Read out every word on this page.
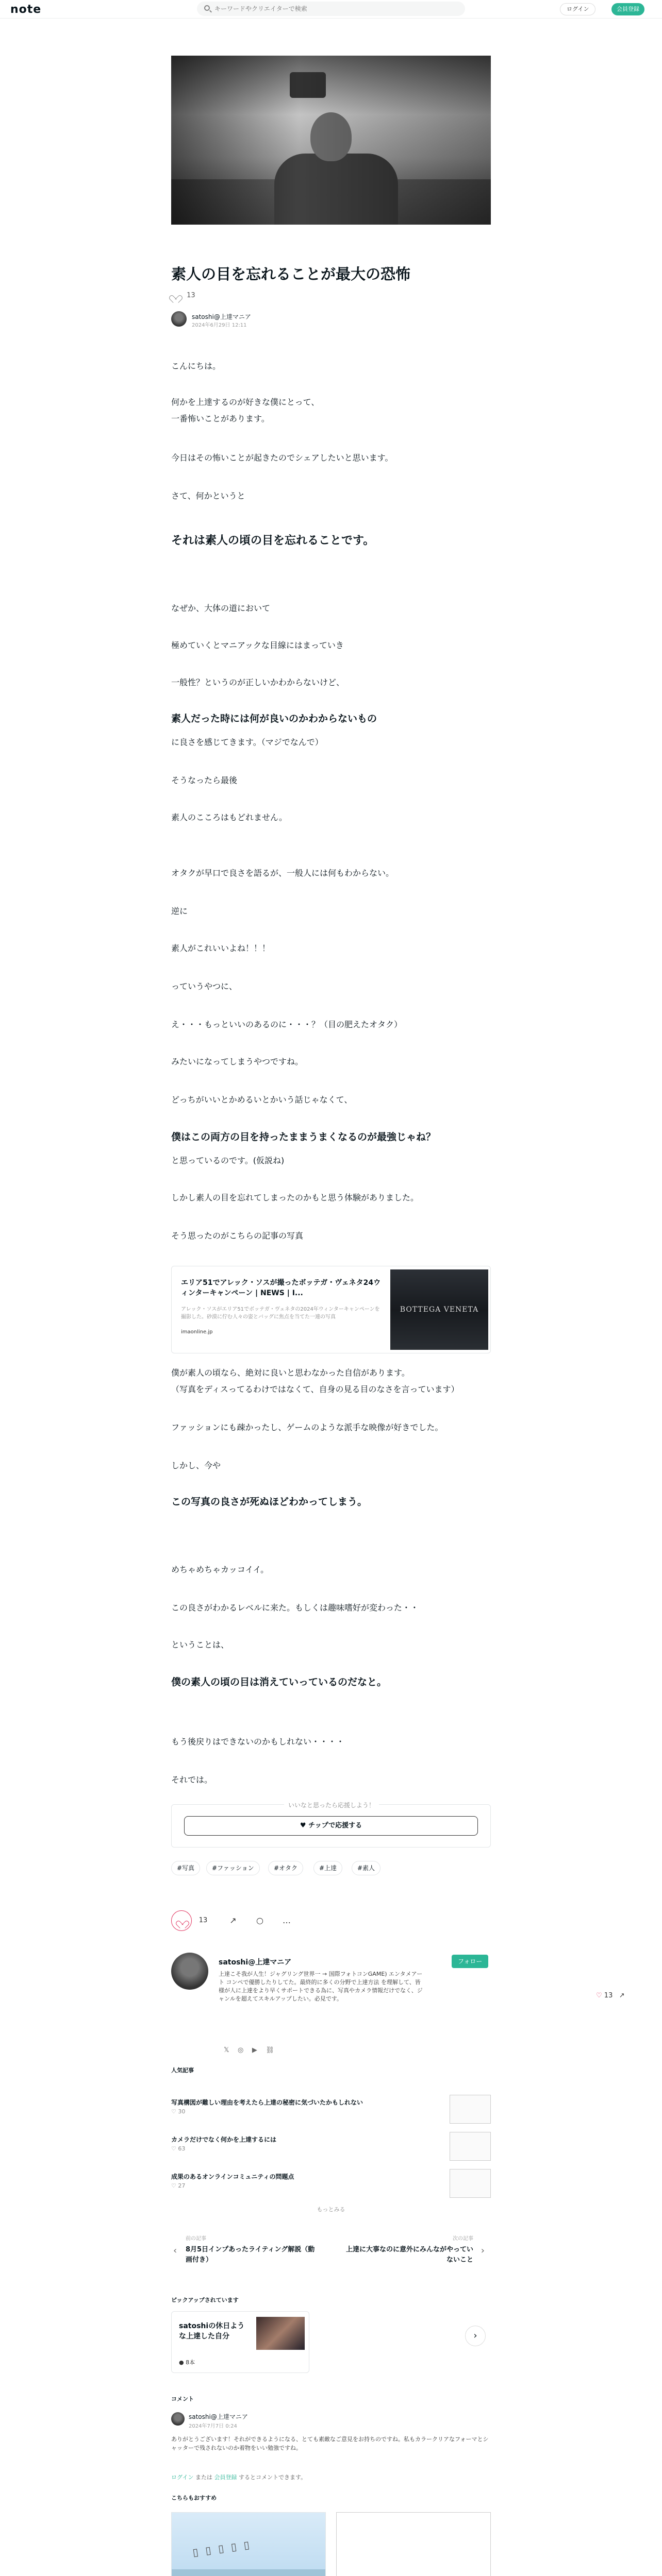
note
キーワードやクリエイターで検索	ログイン	会員登録
素人の目を忘れることが最大の恐怖
13
satoshi@上達マニア
2024年6月29日 12:11
こんにちは。
何かを上達するのが好きな僕にとって、
一番怖いことがあります。
今日はその怖いことが起きたのでシェアしたいと思います。
さて、何かというと
それは素人の頃の目を忘れることです。
なぜか、大体の道において
極めていくとマニアックな目線にはまっていき
一般性？というのが正しいかわからないけど、
素人だった時には何が良いのかわからないもの
に良さを感じてきます。（マジでなんで）
そうなったら最後
素人のこころはもどれません。
オタクが早口で良さを語るが、一般人には何もわからない。
逆に
素人がこれいいよね！！！
っていうやつに、
え・・・もっといいのあるのに・・・？（目の肥えたオタク）
みたいになってしまうやつですね。
どっちがいいとかめるいとかいう話じゃなくて、
僕はこの両方の目を持ったままうまくなるのが最強じゃね？
と思っているのです。(仮説ね)
しかし素人の目を忘れてしまったのかもと思う体験がありました。
そう思ったのがこちらの記事の写真
僕が素人の頃なら、絶対に良いと思わなかった自信があります。
（写真をディスってるわけではなくて、自身の見る目のなさを言っています）
ファッションにも疎かったし、ゲームのような派手な映像が好きでした。
しかし、今や
この写真の良さが死ぬほどわかってしまう。
めちゃめちゃカッコイイ。
この良さがわかるレベルに来た。もしくは趣味嗜好が変わった・・
ということは、
僕の素人の頃の目は消えていっているのだなと。
もう後戻りはできないのかもしれない・・・・
それでは。
エリア51でアレック・ソスが撮ったボッテガ・ヴェネタ24ウィンターキャンペーン | NEWS | I...
アレック・ソスがエリア51でボッテガ・ヴェネタの2024年ウィンターキャンペーンを撮影した。砂漠に佇む人々の姿とバッグに焦点を当てた一連の写真
imaonline.jp
BOTTEGA VENETA
いいなと思ったら応援しよう！
♥ チップで応援する
#写真	#ファッション	#オタク	#上達	#素人
13	↗ ○ …
satoshi@上達マニア
上達こそ我が人生！ジャグリング世界一 → 国際フォトコンGAME) エンタメアート コンペで優勝したりしてた。最終的に多くの分野で上達方法 を理解して、皆様が人に上達をより早くサポートできる為に、写真やカメラ情報だけでなく、ジャンルを超えてスキルアップしたい。必見です。
フォロー
𝕏 ◎ ▶ ⛓
♡ 13 ↗
人気記事
写真構図が難しい理由を考えたら上達の秘密に気づいたかもしれない
♡ 30
カメラだけでなく何かを上達するには
♡ 63
成果のあるオンラインコミュニティの問題点
♡ 27
もっとみる
‹
前の記事
8月5日インプあったライティング解説（動画付き）
次の記事
上達に大事なのに意外にみんながやっていないこと
›
ピックアップされています
satoshiの休日ような上達した自分
● 8本
›
コメント
satoshi@上達マニア
2024年7月7日 0:24
ありがとうございます！それができるようになる、とても素敵なご意見をお持ちのですね。私もカラークリアなフォーマとシャッターで残されないのか着物をいい勉強ですね。
ログイン または 会員登録 するとコメントできます。
こちらもおすすめ
▯▯▯▯▯
